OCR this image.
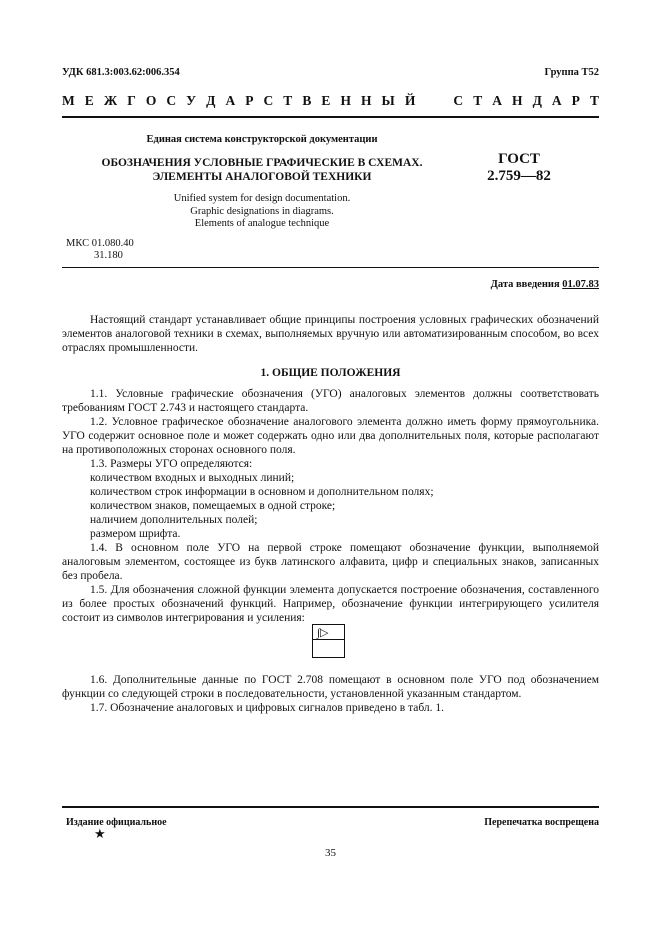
УДК 681.3:003.62:006.354	Группа Т52
М Е Ж Г О С У Д А Р С Т В Е Н Н Ы Й	С Т А Н Д А Р Т
Единая система конструкторской документации
ОБОЗНАЧЕНИЯ УСЛОВНЫЕ ГРАФИЧЕСКИЕ В СХЕМАХ.
ЭЛЕМЕНТЫ АНАЛОГОВОЙ ТЕХНИКИ
ГОСТ
2.759—82
Unified system for design documentation.
Graphic designations in diagrams.
Elements of analogue technique
МКС 01.080.40
31.180
Дата введения 01.07.83

Настоящий стандарт устанавливает общие принципы построения условных графических обозначений элементов аналоговой техники в схемах, выполняемых вручную или автоматизированным способом, во всех отраслях промышленности.

1. ОБЩИЕ ПОЛОЖЕНИЯ

1.1. Условные графические обозначения (УГО) аналоговых элементов должны соответствовать требованиям ГОСТ 2.743 и настоящего стандарта.

1.2. Условное графическое обозначение аналогового элемента должно иметь форму прямоугольника. УГО содержит основное поле и может содержать одно или два дополнительных поля, которые располагают на противоположных сторонах основного поля.

1.3. Размеры УГО определяются:

количеством входных и выходных линий;

количеством строк информации в основном и дополнительном полях;

количеством знаков, помещаемых в одной строке;

наличием дополнительных полей;

размером шрифта.

1.4. В основном поле УГО на первой строке помещают обозначение функции, выполняемой аналоговым элементом, состоящее из букв латинского алфавита, цифр и специальных знаков, записанных без пробела.

1.5. Для обозначения сложной функции элемента допускается построение обозначения, составленного из более простых обозначений функций. Например, обозначение функции интегрирующего усилителя состоит из символов интегрирования и усиления:

∫▷

1.6. Дополнительные данные по ГОСТ 2.708 помещают в основном поле УГО под обозначением функции со следующей строки в последовательности, установленной указанным стандартом.

1.7. Обозначение аналоговых и цифровых сигналов приведено в табл. 1.

Издание официальное	Перепечатка воспрещена
★
35
